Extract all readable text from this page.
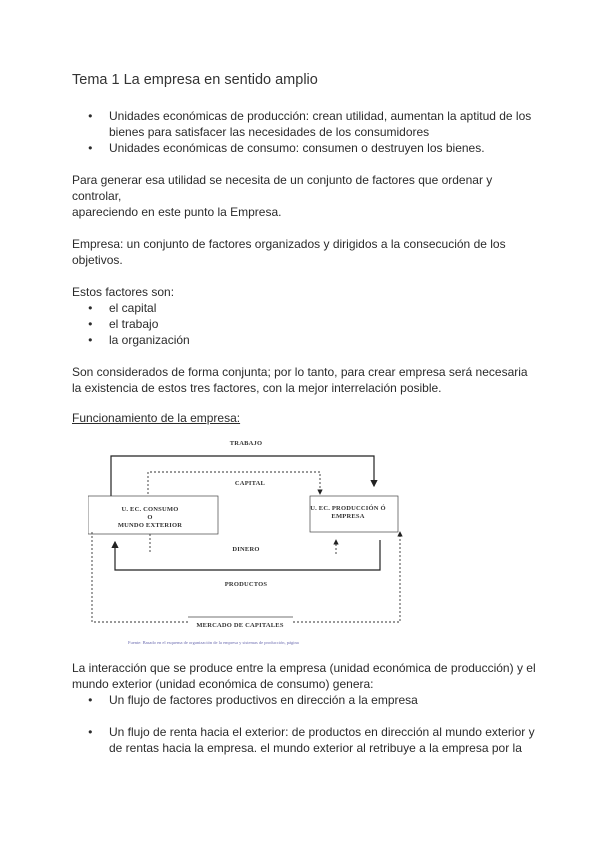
Tema 1 La empresa en sentido amplio
● Unidades económicas de producción: crean utilidad, aumentan la aptitud de los bienes para satisfacer las necesidades de los consumidores
● Unidades económicas de consumo: consumen o destruyen los bienes.
Para generar esa utilidad se necesita de un conjunto de factores que ordenar y
controlar,
apareciendo en este punto la Empresa.
Empresa: un conjunto de factores organizados y dirigidos a la consecución de los
objetivos.
Estos factores son:
● el capital
● el trabajo
● la organización
Son considerados de forma conjunta; por lo tanto, para crear empresa será necesaria
la existencia de estos tres factores, con la mejor interrelación posible.
Funcionamiento de la empresa:
TRABAJO
CAPITAL
U. EC. CONSUMO
O
MUNDO EXTERIOR
U. EC. PRODUCCIÓN Ó
EMPRESA
DINERO
PRODUCTOS
MERCADO DE CAPITALES
Fuente: Basado en el esquema de organización de la empresa y sistemas de producción, página
La interacción que se produce entre la empresa (unidad económica de producción) y el
mundo exterior (unidad económica de consumo) genera:
● Un flujo de factores productivos en dirección a la empresa
● Un flujo de renta hacia el exterior: de productos en dirección al mundo exterior y
de rentas hacia la empresa. el mundo exterior al retribuye a la empresa por la
